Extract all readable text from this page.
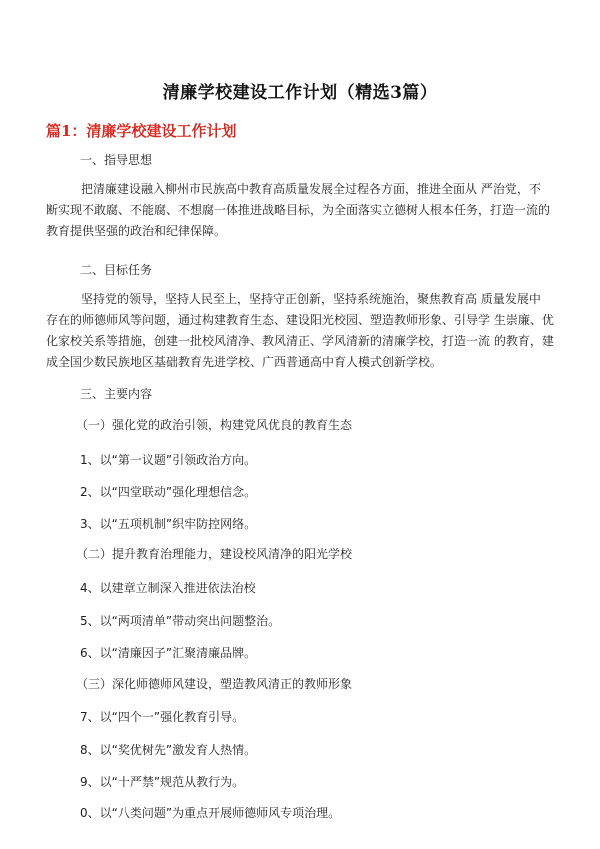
清廉学校建设工作计划（精选3篇）
篇1：清廉学校建设工作计划

一、指导思想

把清廉建设融入柳州市民族高中教育高质量发展全过程各方面，推进全面从 严治党，不
断实现不敢腐、不能腐、不想腐一体推进战略目标，为全面落实立德树人根本任务，打造一流的
教育提供坚强的政治和纪律保障。

二、目标任务

坚持党的领导，坚持人民至上，坚持守正创新，坚持系统施治，聚焦教育高 质量发展中
存在的师德师风等问题，通过构建教育生态、建设阳光校园、塑造教师形象、引导学 生崇廉、优
化家校关系等措施，创建一批校风清净、教风清正、学风清新的清廉学校，打造一流 的教育，建
成全国少数民族地区基础教育先进学校、广西普通高中育人模式创新学校。

三、主要内容

（一）强化党的政治引领，构建党风优良的教育生态

1、以“第一议题”引领政治方向。

2、以“四堂联动”强化理想信念。

3、以“五项机制”织牢防控网络。

（二）提升教育治理能力，建设校风清净的阳光学校

4、以建章立制深入推进依法治校

5、以“两项清单”带动突出问题整治。

6、以“清廉因子”汇聚清廉品牌。

（三）深化师德师风建设，塑造教风清正的教师形象

7、以“四个一”强化教育引导。

8、以“奖优树先”激发育人热情。

9、以“十严禁”规范从教行为。

0、以“八类问题”为重点开展师德师风专项治理。
